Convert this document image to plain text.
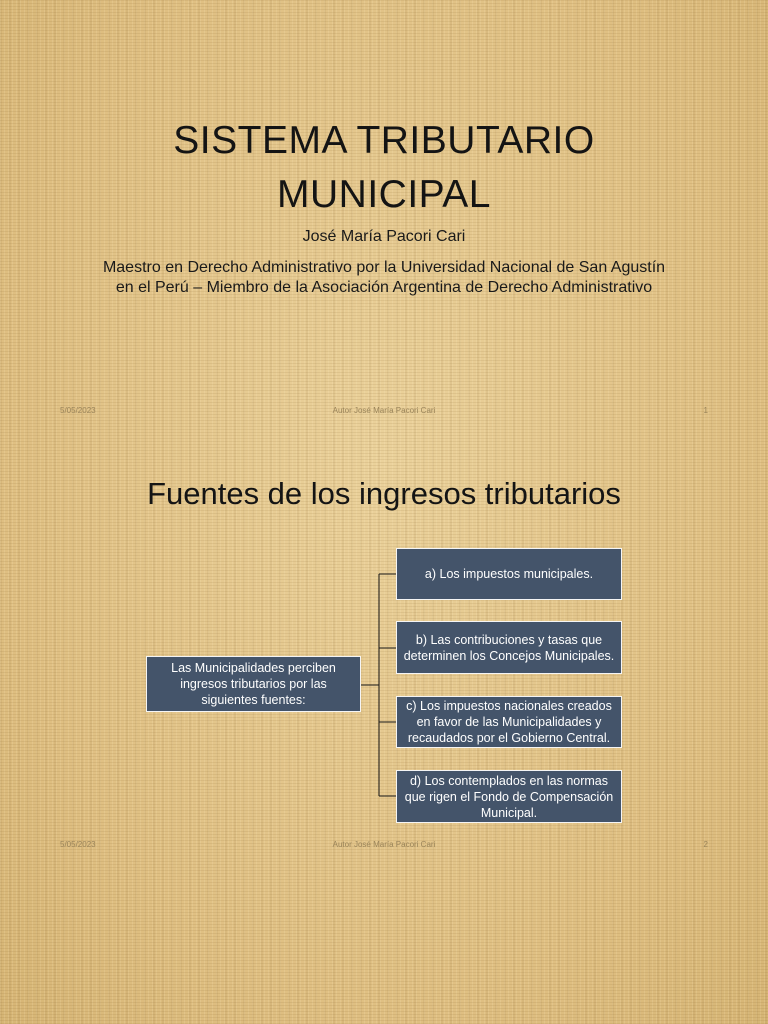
SISTEMA TRIBUTARIO
MUNICIPAL

José María Pacori Cari

Maestro en Derecho Administrativo por la Universidad Nacional de San Agustín en el Perú – Miembro de la Asociación Argentina de Derecho Administrativo

5/05/2023	Autor José María Pacori Cari	1
Fuentes de los ingresos tributarios
Las Municipalidades perciben ingresos tributarios por las siguientes fuentes:
a) Los impuestos municipales.
b) Las contribuciones y tasas que determinen los Concejos Municipales.
c) Los impuestos nacionales creados en favor de las Municipalidades y recaudados por el Gobierno Central.
d) Los contemplados en las normas que rigen el Fondo de Compensación Municipal.
5/05/2023	Autor José María Pacori Cari	2
